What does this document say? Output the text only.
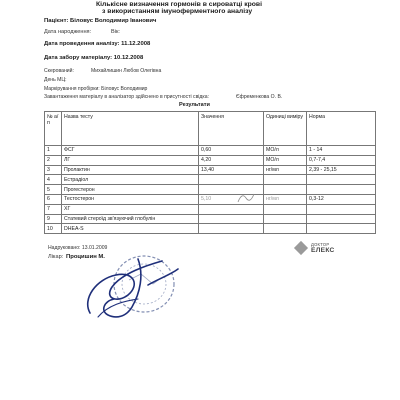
Кількісне визначення гормонів в сироватці крові
з використанням імуноферментного аналізу
Пацієнт: Біловус Володимир Іванович
Дата народження:	Вік:
Дата проведення аналізу: 11.12.2008
Дата забору матеріалу: 10.12.2008
Скерований:	Михайлишин Любов Олегівна
День МЦ:
Маркірування пробірки: Біловус Володимир
Завантаження матеріалу в аналізатор здійснено в присутності свідка:	Єфременкова О. В.
Результати
№ а/ п	Назва тесту	Значення	Одиниці виміру	Норма
1	ФСГ	0,60	МО/л	1 - 14
2	ЛГ	4,20	МО/л	0,7-7,4
3	Пролактин	13,40	нг/мл	2,39 - 25,15
4	Естрадіол			
5	Прогестерон			
6	Тестостерон	5,10	нг/мл	0,3-12
7	ХГ			
9	Статевий стероїд зв'язуючий глобулін			
10	DHEA-S			
ДОКТОР
ЕЛЕКС
Надруковано: 13.01.2009
Лікар: Процишин М.
